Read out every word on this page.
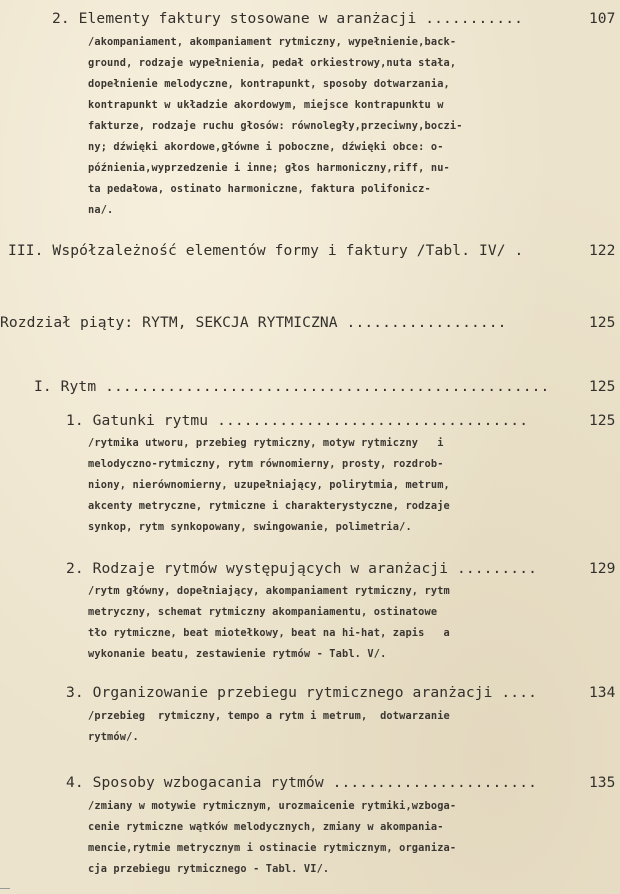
2. Elementy faktury stosowane w aranżacji ...........	107
/akompaniament, akompaniament rytmiczny, wypełnienie,back-
ground, rodzaje wypełnienia, pedał orkiestrowy,nuta stała,
dopełnienie melodyczne, kontrapunkt, sposoby dotwarzania,
kontrapunkt w układzie akordowym, miejsce kontrapunktu w
fakturze, rodzaje ruchu głosów: równoległy,przeciwny,boczi-
ny; dźwięki akordowe,główne i poboczne, dźwięki obce: o-
późnienia,wyprzedzenie i inne; głos harmoniczny,riff, nu-
ta pedałowa, ostinato harmoniczne, faktura polifonicz-
na/.
III. Współzależność elementów formy i faktury /Tabl. IV/ .	122
Rozdział piąty: RYTM, SEKCJA RYTMICZNA ..................	125
I. Rytm ..................................................	125
1. Gatunki rytmu ...................................	125
/rytmika utworu, przebieg rytmiczny, motyw rytmiczny   i
melodyczno-rytmiczny, rytm równomierny, prosty, rozdrob-
niony, nierównomierny, uzupełniający, polirytmia, metrum,
akcenty metryczne, rytmiczne i charakterystyczne, rodzaje
synkop, rytm synkopowany, swingowanie, polimetria/.
2. Rodzaje rytmów występujących w aranżacji .........	129
/rytm główny, dopełniający, akompaniament rytmiczny, rytm
metryczny, schemat rytmiczny akompaniamentu, ostinatowe
tło rytmiczne, beat miotełkowy, beat na hi-hat, zapis   a
wykonanie beatu, zestawienie rytmów - Tabl. V/.
3. Organizowanie przebiegu rytmicznego aranżacji ....	134
/przebieg  rytmiczny, tempo a rytm i metrum,  dotwarzanie
rytmów/.
4. Sposoby wzbogacania rytmów .......................	135
/zmiany w motywie rytmicznym, urozmaicenie rytmiki,wzboga-
cenie rytmiczne wątków melodycznych, zmiany w akompania-
mencie,rytmie metrycznym i ostinacie rytmicznym, organiza-
cja przebiegu rytmicznego - Tabl. VI/.
